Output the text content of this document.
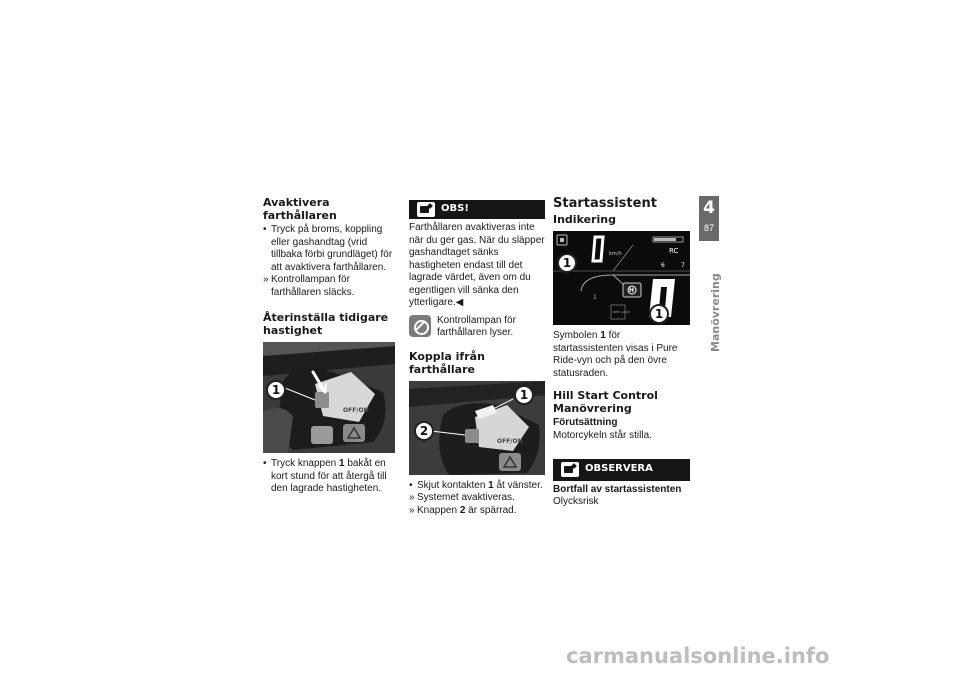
Avaktivera farthållaren
• Tryck på broms, koppling eller gashandtag (vrid tillbaka förbi grundläget) för att avaktivera farthållaren.
» Kontrollampan för farthållaren släcks.
Återinställa tidigare hastighet
OFF/ON
1
• Tryck knappen 1 bakåt en kort stund för att återgå till den lagrade hastigheten.
OBS!

Farthållaren avaktiveras inte när du ger gas. När du släpper gashandtaget sänks hastigheten endast till det lagrade värdet, även om du egentligen vill sänka den ytterligare.◀

Kontrollampan för farthållaren lyser.
Koppla ifrån farthållare
OFF/ON
1
2
• Skjut kontakten 1 åt vänster.
» Systemet avaktiveras.
» Knappen 2 är spärrad.
Startassistent
Indikering
km/h	RC
6	7
H
RPM x1000
1
1
1

Symbolen 1 för startassistenten visas i Pure Ride-vyn och på den övre statusraden.

Hill Start Control Manövrering
Förutsättning

Motorcykeln står stilla.

OBSERVERA
Bortfall av startassistenten

Olycksrisk

4
87
Manövrering
carmanualsonline.info
